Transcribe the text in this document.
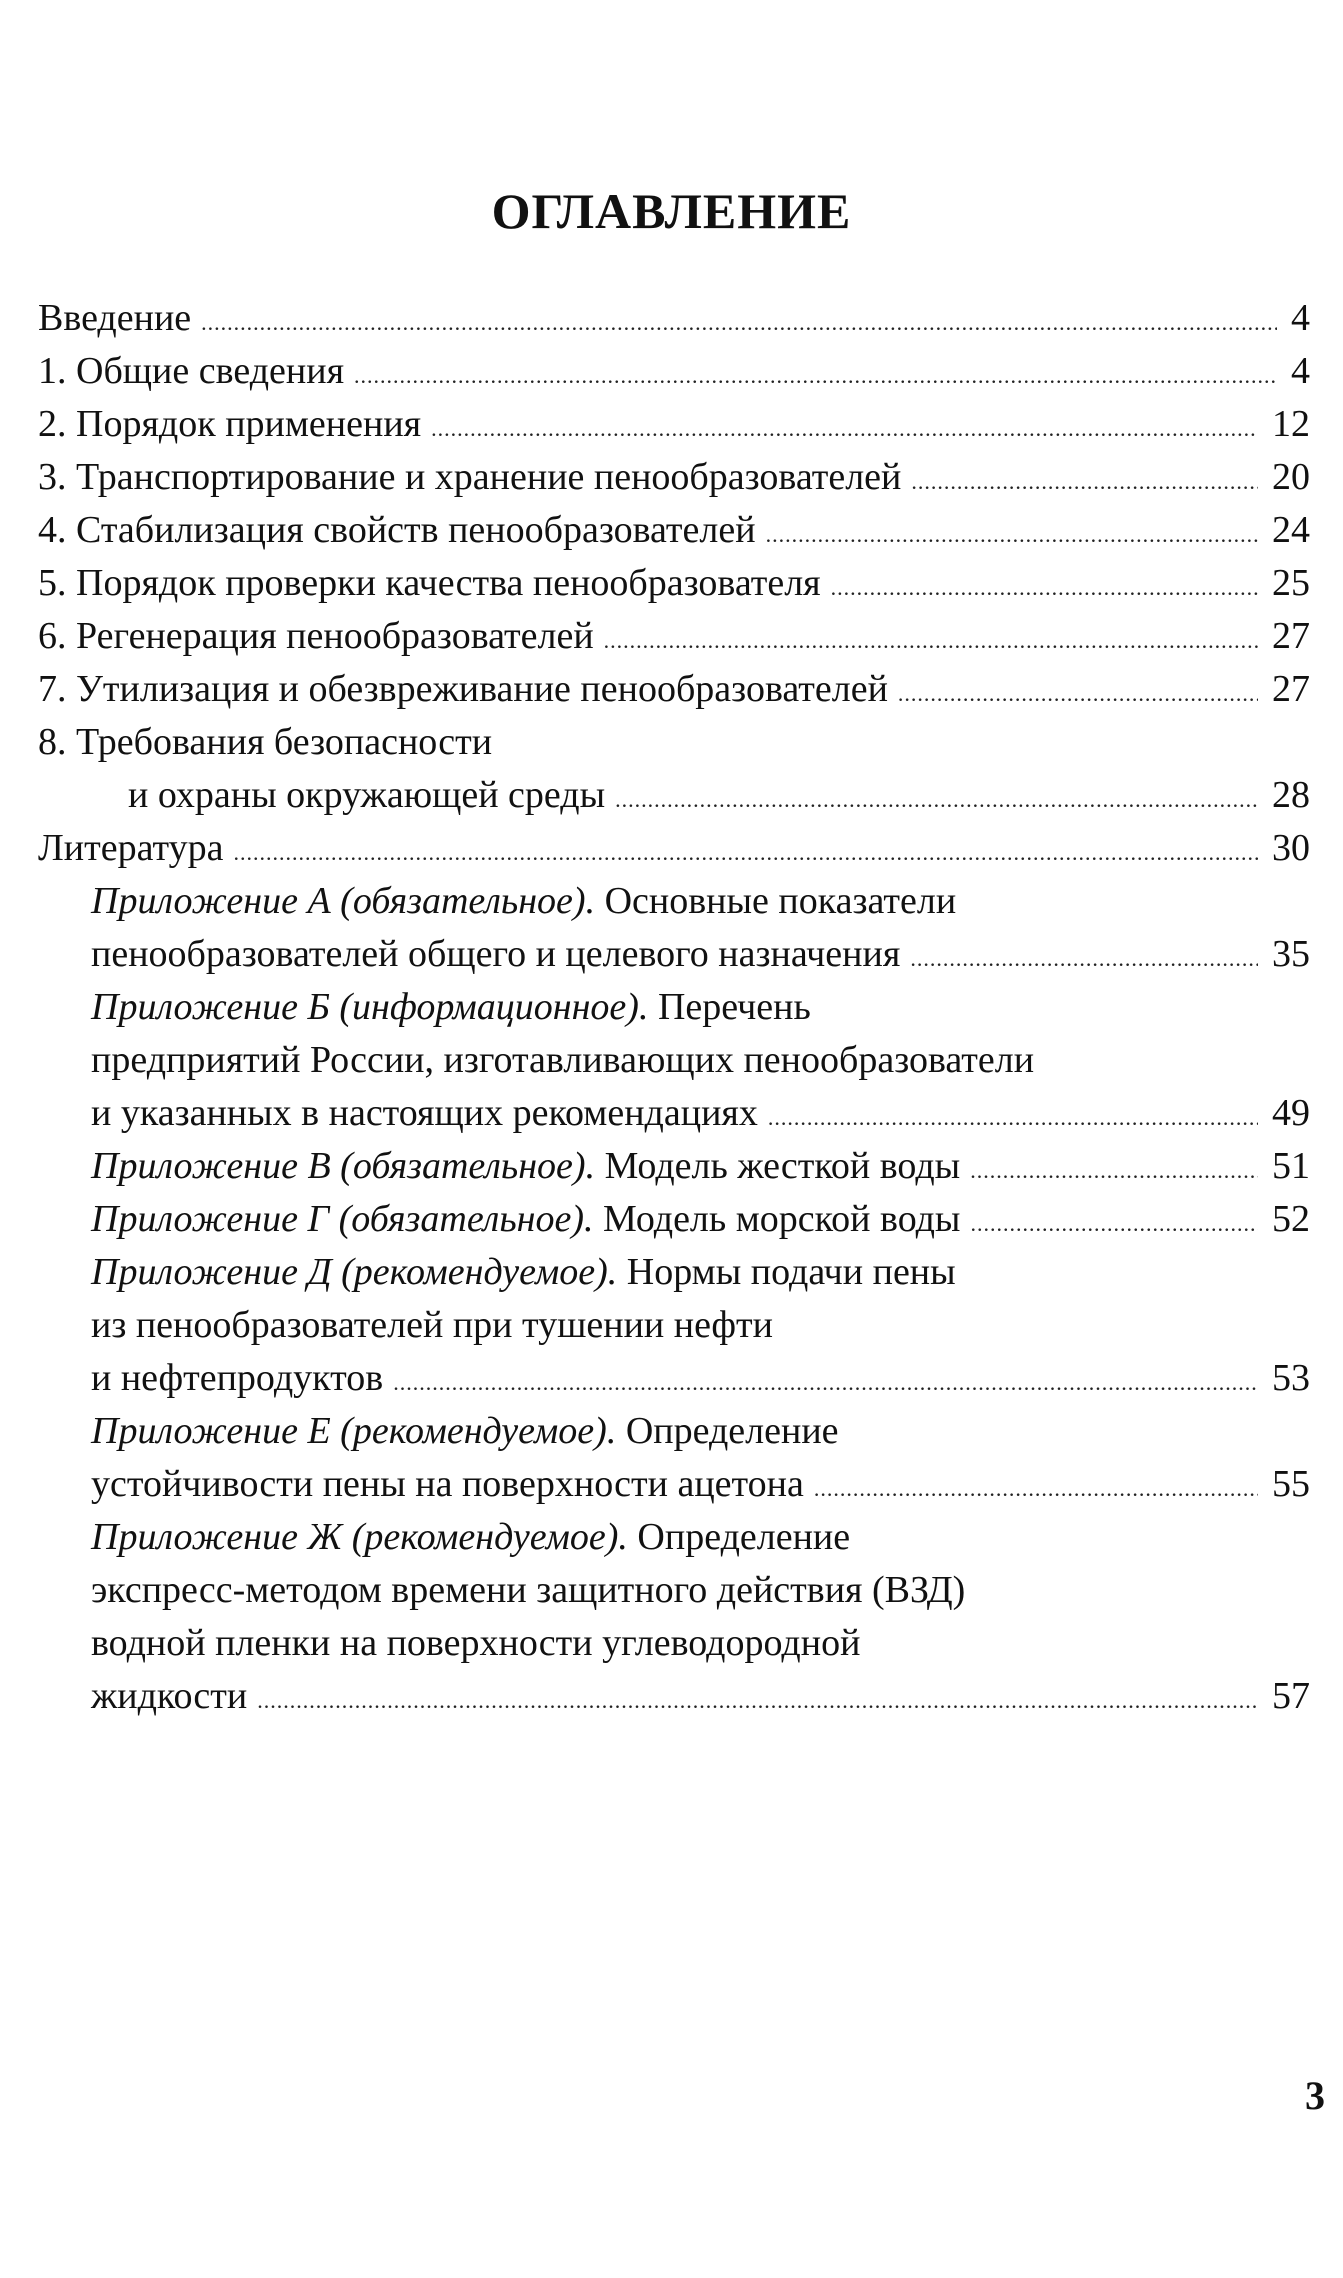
ОГЛАВЛЕНИЕ
Введение .....	4
1. Общие сведения .....	4
2. Порядок применения .....	12
3. Транспортирование и хранение пенообразователей .....	20
4. Стабилизация свойств пенообразователей .....	24
5. Порядок проверки качества пенообразователя .....	25
6. Регенерация пенообразователей .....	27
7. Утилизация и обезвреживание пенообразователей .....	27
8. Требования безопасности
и охраны окружающей среды .....	28
Литература .....	30
Приложение А (обязательное). Основные показатели
пенообразователей общего и целевого назначения .....	35
Приложение Б (информационное). Перечень
предприятий России, изготавливающих пенообразователи
и указанных в настоящих рекомендациях .....	49
Приложение В (обязательное). Модель жесткой воды .....	51
Приложение Г (обязательное). Модель морской воды .....	52
Приложение Д (рекомендуемое). Нормы подачи пены
из пенообразователей при тушении нефти
и нефтепродуктов .....	53
Приложение Е (рекомендуемое). Определение
устойчивости пены на поверхности ацетона .....	55
Приложение Ж (рекомендуемое). Определение
экспресс-методом времени защитного действия (ВЗД)
водной пленки на поверхности углеводородной
жидкости .....	57
3
